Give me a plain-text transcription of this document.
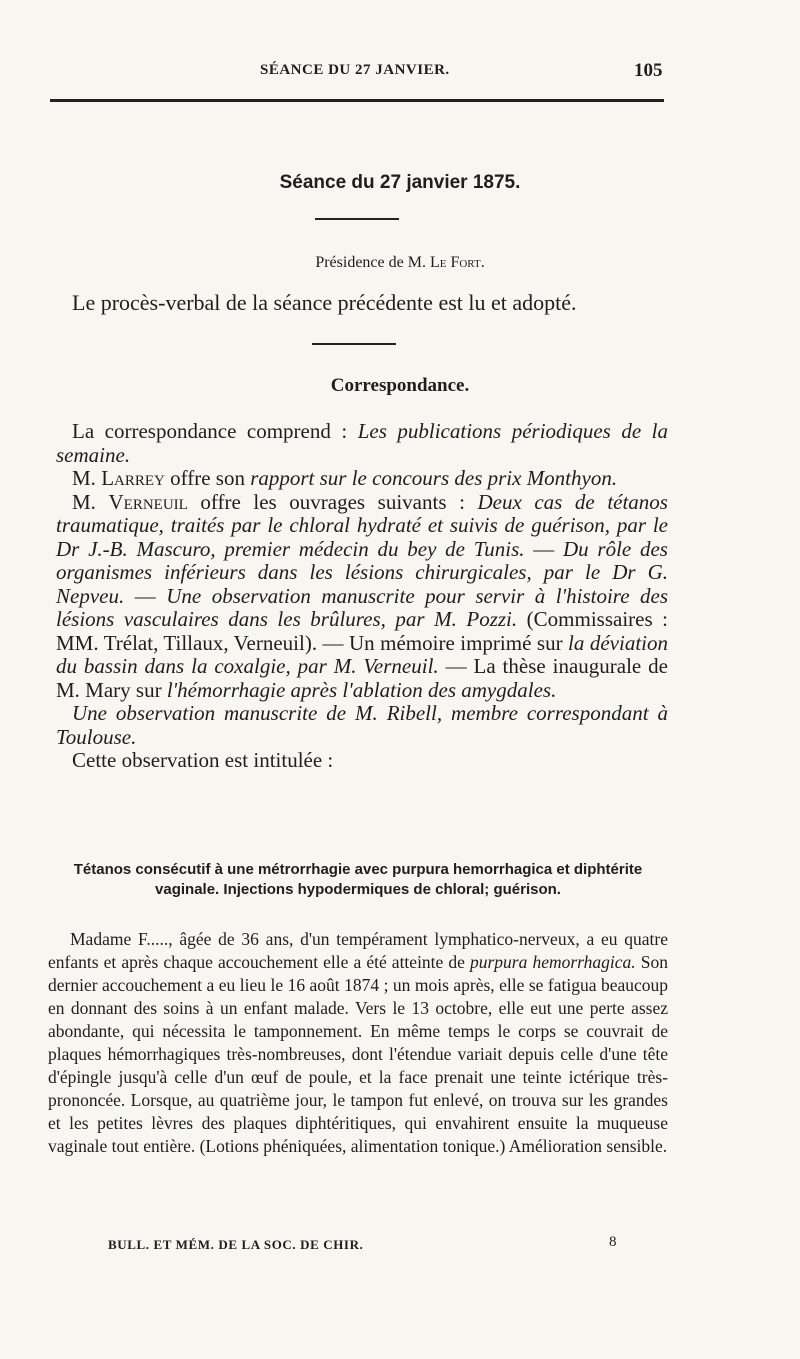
SÉANCE DU 27 JANVIER.	105
Séance du 27 janvier 1875.
Présidence de M. Le Fort.
Le procès-verbal de la séance précédente est lu et adopté.
Correspondance.

La correspondance comprend : Les publications périodiques de la semaine.

M. Larrey offre son rapport sur le concours des prix Monthyon.

M. Verneuil offre les ouvrages suivants : Deux cas de tétanos traumatique, traités par le chloral hydraté et suivis de guérison, par le Dr J.-B. Mascuro, premier médecin du bey de Tunis. — Du rôle des organismes inférieurs dans les lésions chirurgicales, par le Dr G. Nepveu. — Une observation manuscrite pour servir à l'histoire des lésions vasculaires dans les brûlures, par M. Pozzi. (Commissaires : MM. Trélat, Tillaux, Verneuil). — Un mémoire imprimé sur la déviation du bassin dans la coxalgie, par M. Verneuil. — La thèse inaugurale de M. Mary sur l'hémorrhagie après l'ablation des amygdales.

Une observation manuscrite de M. Ribell, membre correspondant à Toulouse.

Cette observation est intitulée :

Tétanos consécutif à une métrorrhagie avec purpura hemorrhagica et diphtérite vaginale. Injections hypodermiques de chloral; guérison.
Madame F....., âgée de 36 ans, d'un tempérament lymphatico-nerveux, a eu quatre enfants et après chaque accouchement elle a été atteinte de purpura hemorrhagica. Son dernier accouchement a eu lieu le 16 août 1874 ; un mois après, elle se fatigua beaucoup en donnant des soins à un enfant malade. Vers le 13 octobre, elle eut une perte assez abondante, qui nécessita le tamponnement. En même temps le corps se couvrait de plaques hémorrhagiques très-nombreuses, dont l'étendue variait depuis celle d'une tête d'épingle jusqu'à celle d'un œuf de poule, et la face prenait une teinte ictérique très-prononcée. Lorsque, au quatrième jour, le tampon fut enlevé, on trouva sur les grandes et les petites lèvres des plaques diphtéritiques, qui envahirent ensuite la muqueuse vaginale tout entière. (Lotions phéniquées, alimentation tonique.) Amélioration sensible.
BULL. ET MÉM. DE LA SOC. DE CHIR.	8
